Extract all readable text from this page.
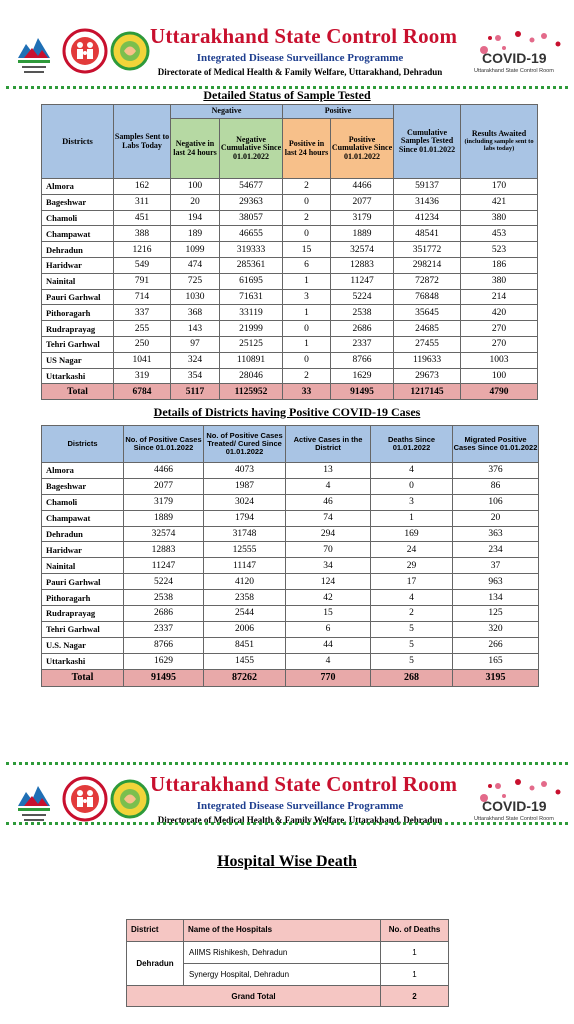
Uttarakhand State Control Room
Integrated Disease Surveillance Programme
Directorate of Medical Health & Family Welfare, Uttarakhand, Dehradun
COVID-19
Uttarakhand State Control Room
Detailed Status of Sample Tested
Districts	Samples Sent to Labs Today	Negative		Positive		Cumulative Samples Tested Since 01.01.2022	Results Awaited
(including sample sent to labs today)

		Negative in last 24 hours	Negative Cumulative Since 01.01.2022	Positive in last 24 hours	Positive Cumulative Since 01.01.2022		
Almora	162	100	54677	2	4466	59137	170
Bageshwar	311	20	29363	0	2077	31436	421
Chamoli	451	194	38057	2	3179	41234	380
Champawat	388	189	46655	0	1889	48541	453
Dehradun	1216	1099	319333	15	32574	351772	523
Haridwar	549	474	285361	6	12883	298214	186
Nainital	791	725	61695	1	11247	72872	380
Pauri Garhwal	714	1030	71631	3	5224	76848	214
Pithoragarh	337	368	33119	1	2538	35645	420
Rudraprayag	255	143	21999	0	2686	24685	270
Tehri Garhwal	250	97	25125	1	2337	27455	270
US Nagar	1041	324	110891	0	8766	119633	1003
Uttarkashi	319	354	28046	2	1629	29673	100
Total	6784	5117	1125952	33	91495	1217145	4790
Details of Districts having Positive COVID-19 Cases
Districts	No. of Positive Cases Since 01.01.2022	No. of Positive Cases Treated/ Cured Since 01.01.2022	Active Cases in the District	Deaths Since 01.01.2022	Migrated Positive Cases Since 01.01.2022
Almora	4466	4073	13	4	376
Bageshwar	2077	1987	4	0	86
Chamoli	3179	3024	46	3	106
Champawat	1889	1794	74	1	20
Dehradun	32574	31748	294	169	363
Haridwar	12883	12555	70	24	234
Nainital	11247	11147	34	29	37
Pauri Garhwal	5224	4120	124	17	963
Pithoragarh	2538	2358	42	4	134
Rudraprayag	2686	2544	15	2	125
Tehri Garhwal	2337	2006	6	5	320
U.S. Nagar	8766	8451	44	5	266
Uttarkashi	1629	1455	4	5	165
Total	91495	87262	770	268	3195
Uttarakhand State Control Room
Integrated Disease Surveillance Programme
Directorate of Medical Health & Family Welfare, Uttarakhand, Dehradun
COVID-19
Uttarakhand State Control Room
Hospital Wise Death
District	Name of the Hospitals	No. of Deaths
Dehradun	AIIMS Rishikesh, Dehradun	1
	Synergy Hospital, Dehradun	1
Grand Total		2
